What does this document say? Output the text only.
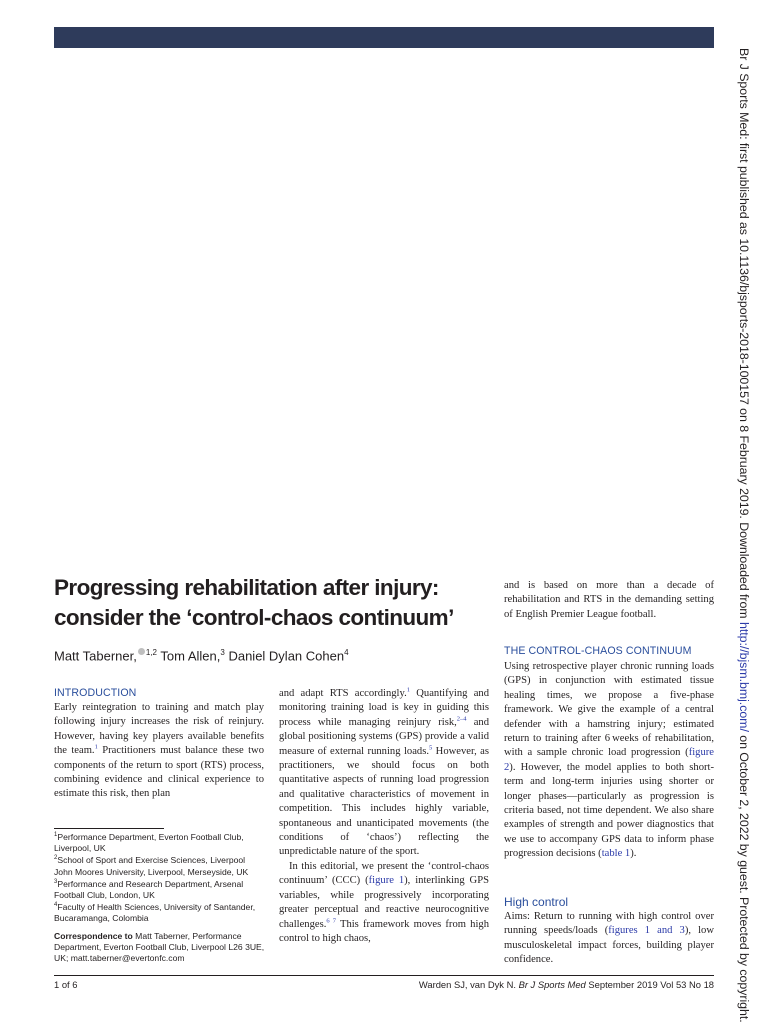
Br J Sports Med: first published as 10.1136/bjsports-2018-100157 on 8 February 2019. Downloaded from http://bjsm.bmj.com/ on October 2, 2022 by guest. Protected by copyright.
Progressing rehabilitation after injury: consider the ‘control-chaos continuum’
Matt Taberner, $^{1,2}$ Tom Allen,$^3$ Daniel Dylan Cohen$^4$
INTRODUCTION

Early reintegration to training and match play following injury increases the risk of reinjury. However, having key players available benefits the team.$^1$ Practitioners must balance these two components of the return to sport (RTS) process, combining evidence and clinical experience to estimate this risk, then plan

$^1$Performance Department, Everton Football Club, Liverpool, UK

$^2$School of Sport and Exercise Sciences, Liverpool John Moores University, Liverpool, Merseyside, UK

$^3$Performance and Research Department, Arsenal Football Club, London, UK

$^4$Faculty of Health Sciences, University of Santander, Bucaramanga, Colombia

Correspondence to Matt Taberner, Performance Department, Everton Football Club, Liverpool L26 3UE, UK; matt.taberner@evertonfc.com

and adapt RTS accordingly.$^1$ Quantifying and monitoring training load is key in guiding this process while managing reinjury risk,$^{2-4}$ and global positioning systems (GPS) provide a valid measure of external running loads.$^5$ However, as practitioners, we should focus on both quantitative aspects of running load progression and qualitative characteristics of movement in competition. This includes highly variable, spontaneous and unanticipated movements (the conditions of ‘chaos’) reflecting the unpredictable nature of the sport.

In this editorial, we present the ‘control-chaos continuum’ (CCC) (figure 1), interlinking GPS variables, while progressively incorporating greater perceptual and reactive neurocognitive challenges.$^{6 7}$ This framework moves from high control to high chaos,

and is based on more than a decade of rehabilitation and RTS in the demanding setting of English Premier League football.

THE CONTROL-CHAOS CONTINUUM

Using retrospective player chronic running loads (GPS) in conjunction with estimated tissue healing times, we propose a five-phase framework. We give the example of a central defender with a hamstring injury; estimated return to training after 6 weeks of rehabilitation, with a sample chronic load progression (figure 2). However, the model applies to both short-term and long-term injuries using shorter or longer phases—particularly as progression is criteria based, not time dependent. We also share examples of strength and power diagnostics that we use to accompany GPS data to inform phase progression decisions (table 1).

High control

Aims: Return to running with high control over running speeds/loads (figures 1 and 3), low musculoskeletal impact forces, building player confidence.

1 of 6	Warden SJ, van Dyk N. Br J Sports Med September 2019 Vol 53 No 18
